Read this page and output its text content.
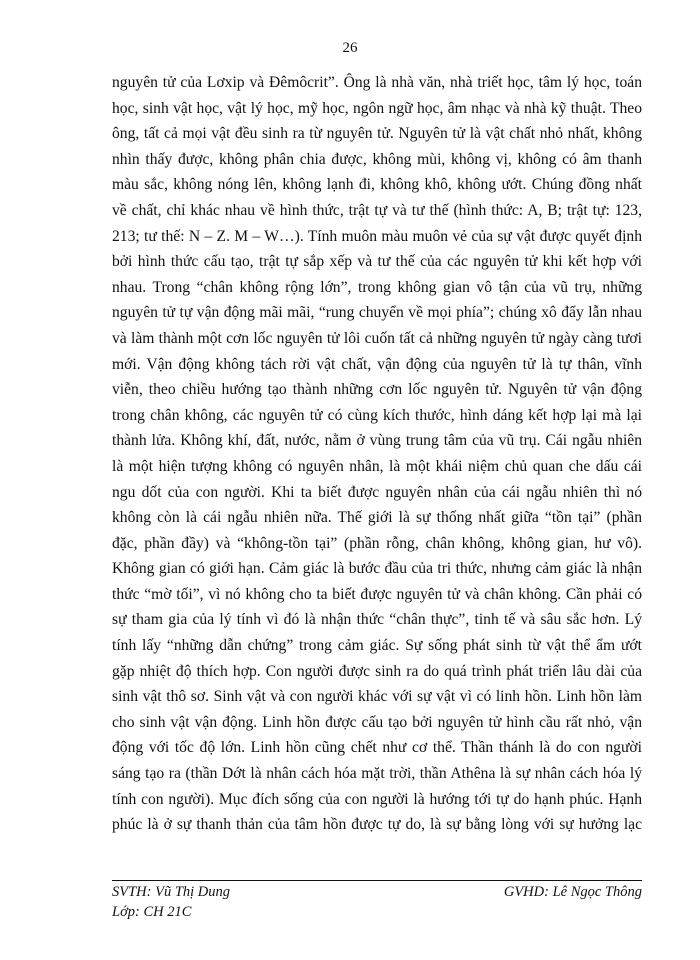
26
nguyên tử của Lơxip và Đêmôcrit”. Ông là nhà văn, nhà triết học, tâm lý học, toán
học, sinh vật học, vật lý học, mỹ học, ngôn ngữ học, âm nhạc và nhà kỹ thuật. Theo
ông, tất cả mọi vật đều sinh ra từ nguyên tử. Nguyên tử là vật chất nhỏ nhất, không
nhìn thấy được, không phân chia được, không mùi, không vị, không có âm thanh
màu sắc, không nóng lên, không lạnh đi, không khô, không ướt. Chúng đồng nhất
về chất, chỉ khác nhau về hình thức, trật tự và tư thế (hình thức: A, B; trật tự: 123,
213; tư thế: N – Z. M – W…). Tính muôn màu muôn vẻ của sự vật được quyết định
bởi hình thức cấu tạo, trật tự sắp xếp và tư thế của các nguyên tử khi kết hợp với
nhau. Trong “chân không rộng lớn”, trong không gian vô tận của vũ trụ, những
nguyên tử tự vận động mãi mãi, “rung chuyển về mọi phía”; chúng xô đẩy lẫn nhau
và làm thành một cơn lốc nguyên tử lôi cuốn tất cả những nguyên tử ngày càng tươi
mới. Vận động không tách rời vật chất, vận động của nguyên tử là tự thân, vĩnh
viễn, theo chiều hướng tạo thành những cơn lốc nguyên tử. Nguyên tử vận động
trong chân không, các nguyên tử có cùng kích thước, hình dáng kết hợp lại mà lại
thành lửa. Không khí, đất, nước, nằm ở vùng trung tâm của vũ trụ. Cái ngẫu nhiên
là một hiện tượng không có nguyên nhân, là một khái niệm chủ quan che dấu cái
ngu dốt của con người. Khi ta biết được nguyên nhân của cái ngẫu nhiên thì nó
không còn là cái ngẫu nhiên nữa. Thế giới là sự thống nhất giữa “tồn tại” (phần
đặc, phần đầy) và “không-tồn tại” (phần rỗng, chân không, không gian, hư vô).
Không gian có giới hạn. Cảm giác là bước đầu của tri thức, nhưng cảm giác là nhận
thức “mờ tối”, vì nó không cho ta biết được nguyên tử và chân không. Cần phải có
sự tham gia của lý tính vì đó là nhận thức “chân thực”, tinh tế và sâu sắc hơn. Lý
tính lấy “những dẫn chứng” trong cảm giác. Sự sống phát sinh từ vật thể ẩm ướt
gặp nhiệt độ thích hợp. Con người được sinh ra do quá trình phát triển lâu dài của
sinh vật thô sơ. Sinh vật và con người khác với sự vật vì có linh hồn. Linh hồn làm
cho sinh vật vận động. Linh hồn được cấu tạo bởi nguyên tử hình cầu rất nhỏ, vận
động với tốc độ lớn. Linh hồn cũng chết như cơ thể. Thần thánh là do con người
sáng tạo ra (thần Dớt là nhân cách hóa mặt trời, thần Athêna là sự nhân cách hóa lý
tính con người). Mục đích sống của con người là hướng tới tự do hạnh phúc. Hạnh
phúc là ở sự thanh thản của tâm hồn được tự do, là sự bằng lòng với sự hưởng lạc
SVTH: Vũ Thị Dung	GVHD: Lê Ngọc Thông
Lớp: CH 21C
